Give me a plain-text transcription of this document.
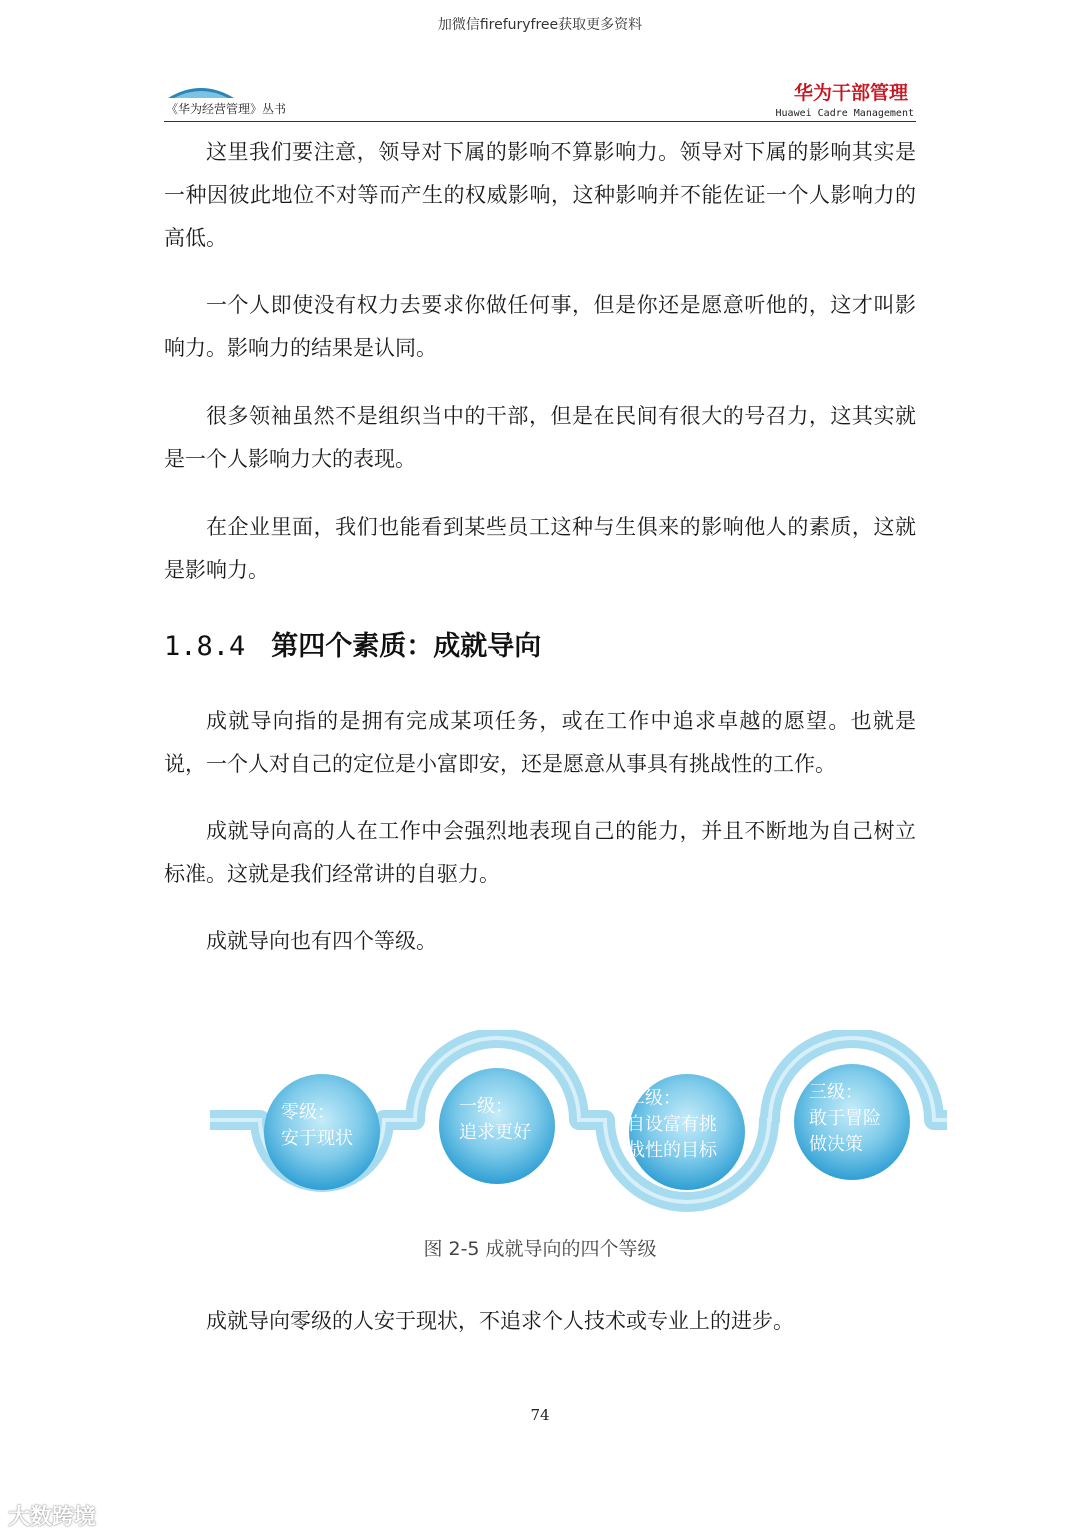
加微信firefuryfree获取更多资料
《华为经营管理》丛书
华为干部管理
Huawei Cadre Management

这里我们要注意，领导对下属的影响不算影响力。领导对下属的影响其实是一种因彼此地位不对等而产生的权威影响，这种影响并不能佐证一个人影响力的高低。

一个人即使没有权力去要求你做任何事，但是你还是愿意听他的，这才叫影响力。影响力的结果是认同。

很多领袖虽然不是组织当中的干部，但是在民间有很大的号召力，这其实就是一个人影响力大的表现。

在企业里面，我们也能看到某些员工这种与生俱来的影响他人的素质，这就是影响力。

1.8.4 第四个素质：成就导向

成就导向指的是拥有完成某项任务，或在工作中追求卓越的愿望。也就是说，一个人对自己的定位是小富即安，还是愿意从事具有挑战性的工作。

成就导向高的人在工作中会强烈地表现自己的能力，并且不断地为自己树立标准。这就是我们经常讲的自驱力。

成就导向也有四个等级。

零级：
安于现状
一级：
追求更好
二级：
自设富有挑
战性的目标
三级：
敢于冒险
做决策
图 2-5 成就导向的四个等级

成就导向零级的人安于现状，不追求个人技术或专业上的进步。

74
大数跨境
